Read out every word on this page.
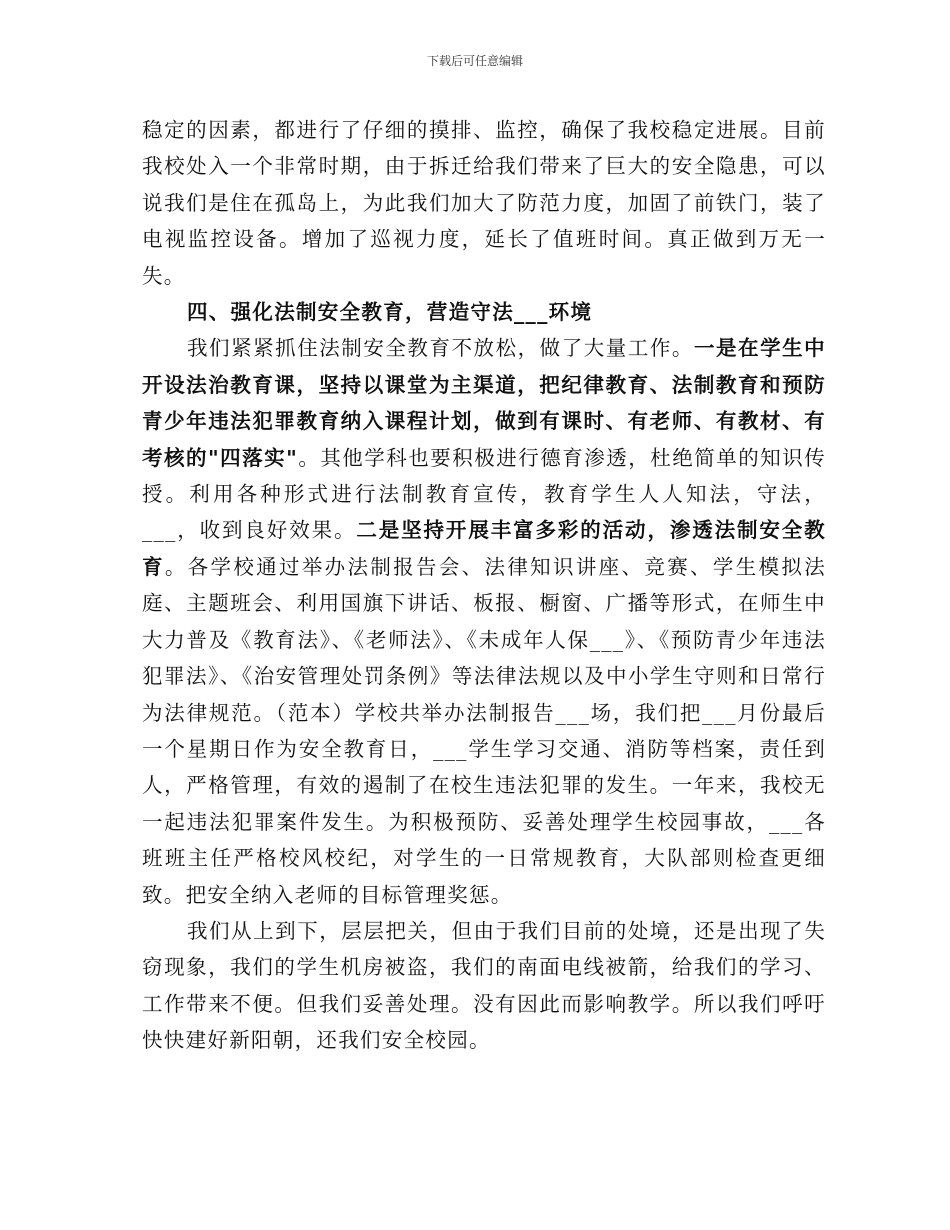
下载后可任意编辑

稳定的因素，都进行了仔细的摸排、监控，确保了我校稳定进展。目前我校处入一个非常时期，由于拆迁给我们带来了巨大的安全隐患，可以说我们是住在孤岛上，为此我们加大了防范力度，加固了前铁门，装了电视监控设备。增加了巡视力度，延长了值班时间。真正做到万无一失。

四、强化法制安全教育，营造守法___环境

我们紧紧抓住法制安全教育不放松，做了大量工作。一是在学生中开设法治教育课，坚持以课堂为主渠道，把纪律教育、法制教育和预防青少年违法犯罪教育纳入课程计划，做到有课时、有老师、有教材、有考核的"四落实"。其他学科也要积极进行德育渗透，杜绝简单的知识传授。利用各种形式进行法制教育宣传，教育学生人人知法，守法，___，收到良好效果。二是坚持开展丰富多彩的活动，渗透法制安全教育。各学校通过举办法制报告会、法律知识讲座、竞赛、学生模拟法庭、主题班会、利用国旗下讲话、板报、橱窗、广播等形式，在师生中大力普及《教育法》、《老师法》、《未成年人保___》、《预防青少年违法犯罪法》、《治安管理处罚条例》等法律法规以及中小学生守则和日常行为法律规范。（范本）学校共举办法制报告___场，我们把___月份最后一个星期日作为安全教育日，___学生学习交通、消防等档案，责任到人，严格管理，有效的遏制了在校生违法犯罪的发生。一年来，我校无一起违法犯罪案件发生。为积极预防、妥善处理学生校园事故，___各班班主任严格校风校纪，对学生的一日常规教育，大队部则检查更细致。把安全纳入老师的目标管理奖惩。

我们从上到下，层层把关，但由于我们目前的处境，还是出现了失窃现象，我们的学生机房被盗，我们的南面电线被箭，给我们的学习、工作带来不便。但我们妥善处理。没有因此而影响教学。所以我们呼吁快快建好新阳朝，还我们安全校园。
